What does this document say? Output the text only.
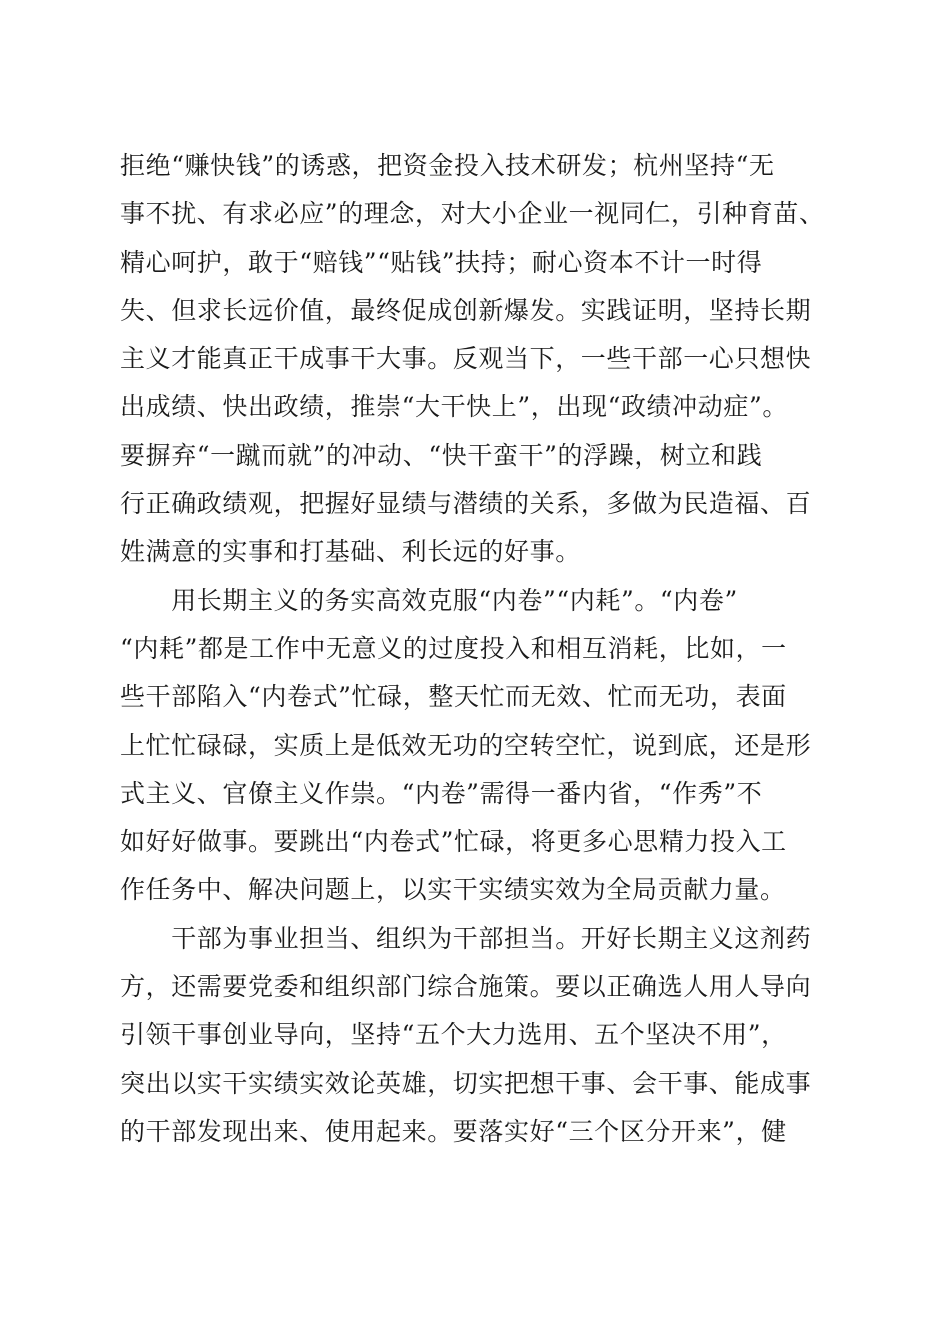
拒绝“赚快钱”的诱惑，把资金投入技术研发；杭州坚持“无
事不扰、有求必应”的理念，对大小企业一视同仁，引种育苗、
精心呵护，敢于“赔钱”“贴钱”扶持；耐心资本不计一时得
失、但求长远价值，最终促成创新爆发。实践证明，坚持长期
主义才能真正干成事干大事。反观当下，一些干部一心只想快
出成绩、快出政绩，推崇“大干快上”，出现“政绩冲动症”。
要摒弃“一蹴而就”的冲动、“快干蛮干”的浮躁，树立和践
行正确政绩观，把握好显绩与潜绩的关系，多做为民造福、百
姓满意的实事和打基础、利长远的好事。
　　用长期主义的务实高效克服“内卷”“内耗”。“内卷”
“内耗”都是工作中无意义的过度投入和相互消耗，比如，一
些干部陷入“内卷式”忙碌，整天忙而无效、忙而无功，表面
上忙忙碌碌，实质上是低效无功的空转空忙，说到底，还是形
式主义、官僚主义作祟。“内卷”需得一番内省，“作秀”不
如好好做事。要跳出“内卷式”忙碌，将更多心思精力投入工
作任务中、解决问题上，以实干实绩实效为全局贡献力量。
　　干部为事业担当、组织为干部担当。开好长期主义这剂药
方，还需要党委和组织部门综合施策。要以正确选人用人导向
引领干事创业导向，坚持“五个大力选用、五个坚决不用”，
突出以实干实绩实效论英雄，切实把想干事、会干事、能成事
的干部发现出来、使用起来。要落实好“三个区分开来”，健
